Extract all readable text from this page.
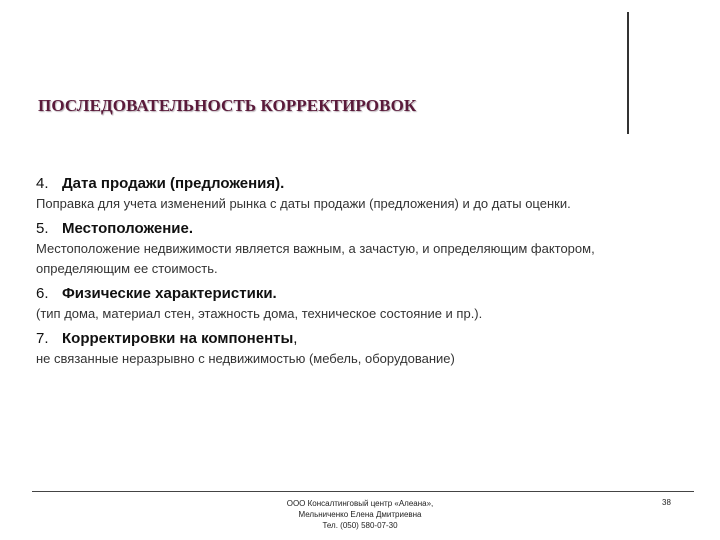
ПОСЛЕДОВАТЕЛЬНОСТЬ КОРРЕКТИРОВОК
4. Дата продажи (предложения).
Поправка для учета изменений рынка с даты продажи (предложения) и до даты оценки.
5. Местоположение.
Местоположение недвижимости является важным, а зачастую, и определяющим фактором, определяющим ее стоимость.
6. Физические характеристики.
(тип дома, материал стен, этажность дома, техническое состояние и пр.).
7. Корректировки на компоненты,
не связанные неразрывно с недвижимостью (мебель, оборудование)
ООО Консалтинговый центр «Алеана»,
Мельниченко Елена Дмитриевна
Тел. (050) 580-07-30
38
